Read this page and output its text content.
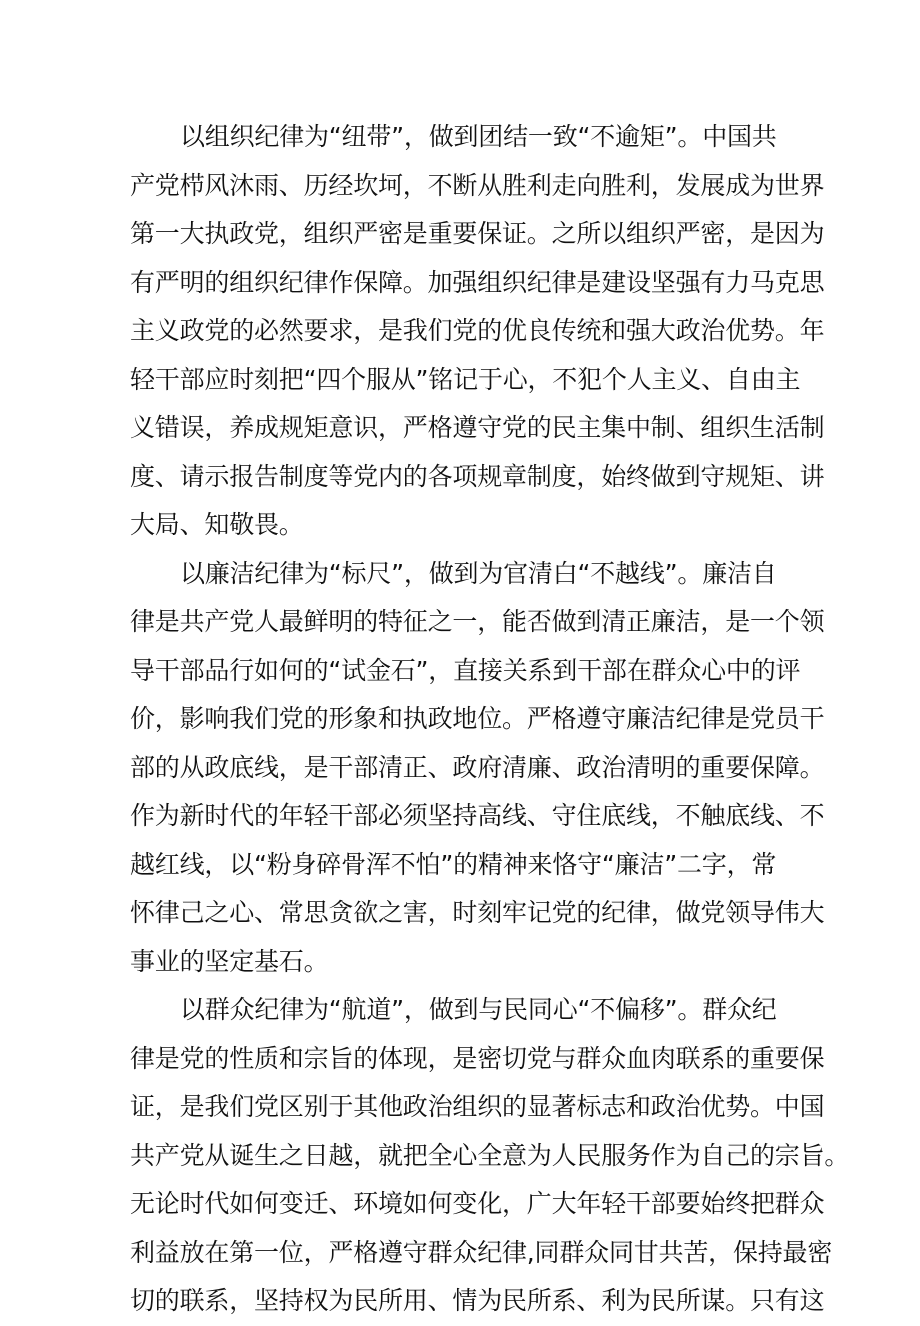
以组织纪律为“纽带”，做到团结一致“不逾矩”。中国共
产党栉风沐雨、历经坎坷，不断从胜利走向胜利，发展成为世界
第一大执政党，组织严密是重要保证。之所以组织严密，是因为
有严明的组织纪律作保障。加强组织纪律是建设坚强有力马克思
主义政党的必然要求，是我们党的优良传统和强大政治优势。年
轻干部应时刻把“四个服从”铭记于心，不犯个人主义、自由主
义错误，养成规矩意识，严格遵守党的民主集中制、组织生活制
度、请示报告制度等党内的各项规章制度，始终做到守规矩、讲
大局、知敬畏。

以廉洁纪律为“标尺”，做到为官清白“不越线”。廉洁自
律是共产党人最鲜明的特征之一，能否做到清正廉洁，是一个领
导干部品行如何的“试金石”，直接关系到干部在群众心中的评
价，影响我们党的形象和执政地位。严格遵守廉洁纪律是党员干
部的从政底线，是干部清正、政府清廉、政治清明的重要保障。
作为新时代的年轻干部必须坚持高线、守住底线，不触底线、不
越红线，以“粉身碎骨浑不怕”的精神来恪守“廉洁”二字，常
怀律己之心、常思贪欲之害，时刻牢记党的纪律，做党领导伟大
事业的坚定基石。

以群众纪律为“航道”，做到与民同心“不偏移”。群众纪
律是党的性质和宗旨的体现，是密切党与群众血肉联系的重要保
证，是我们党区别于其他政治组织的显著标志和政治优势。中国
共产党从诞生之日越，就把全心全意为人民服务作为自己的宗旨。
无论时代如何变迁、环境如何变化，广大年轻干部要始终把群众
利益放在第一位，严格遵守群众纪律,同群众同甘共苦，保持最密
切的联系，坚持权为民所用、情为民所系、利为民所谋。只有这
